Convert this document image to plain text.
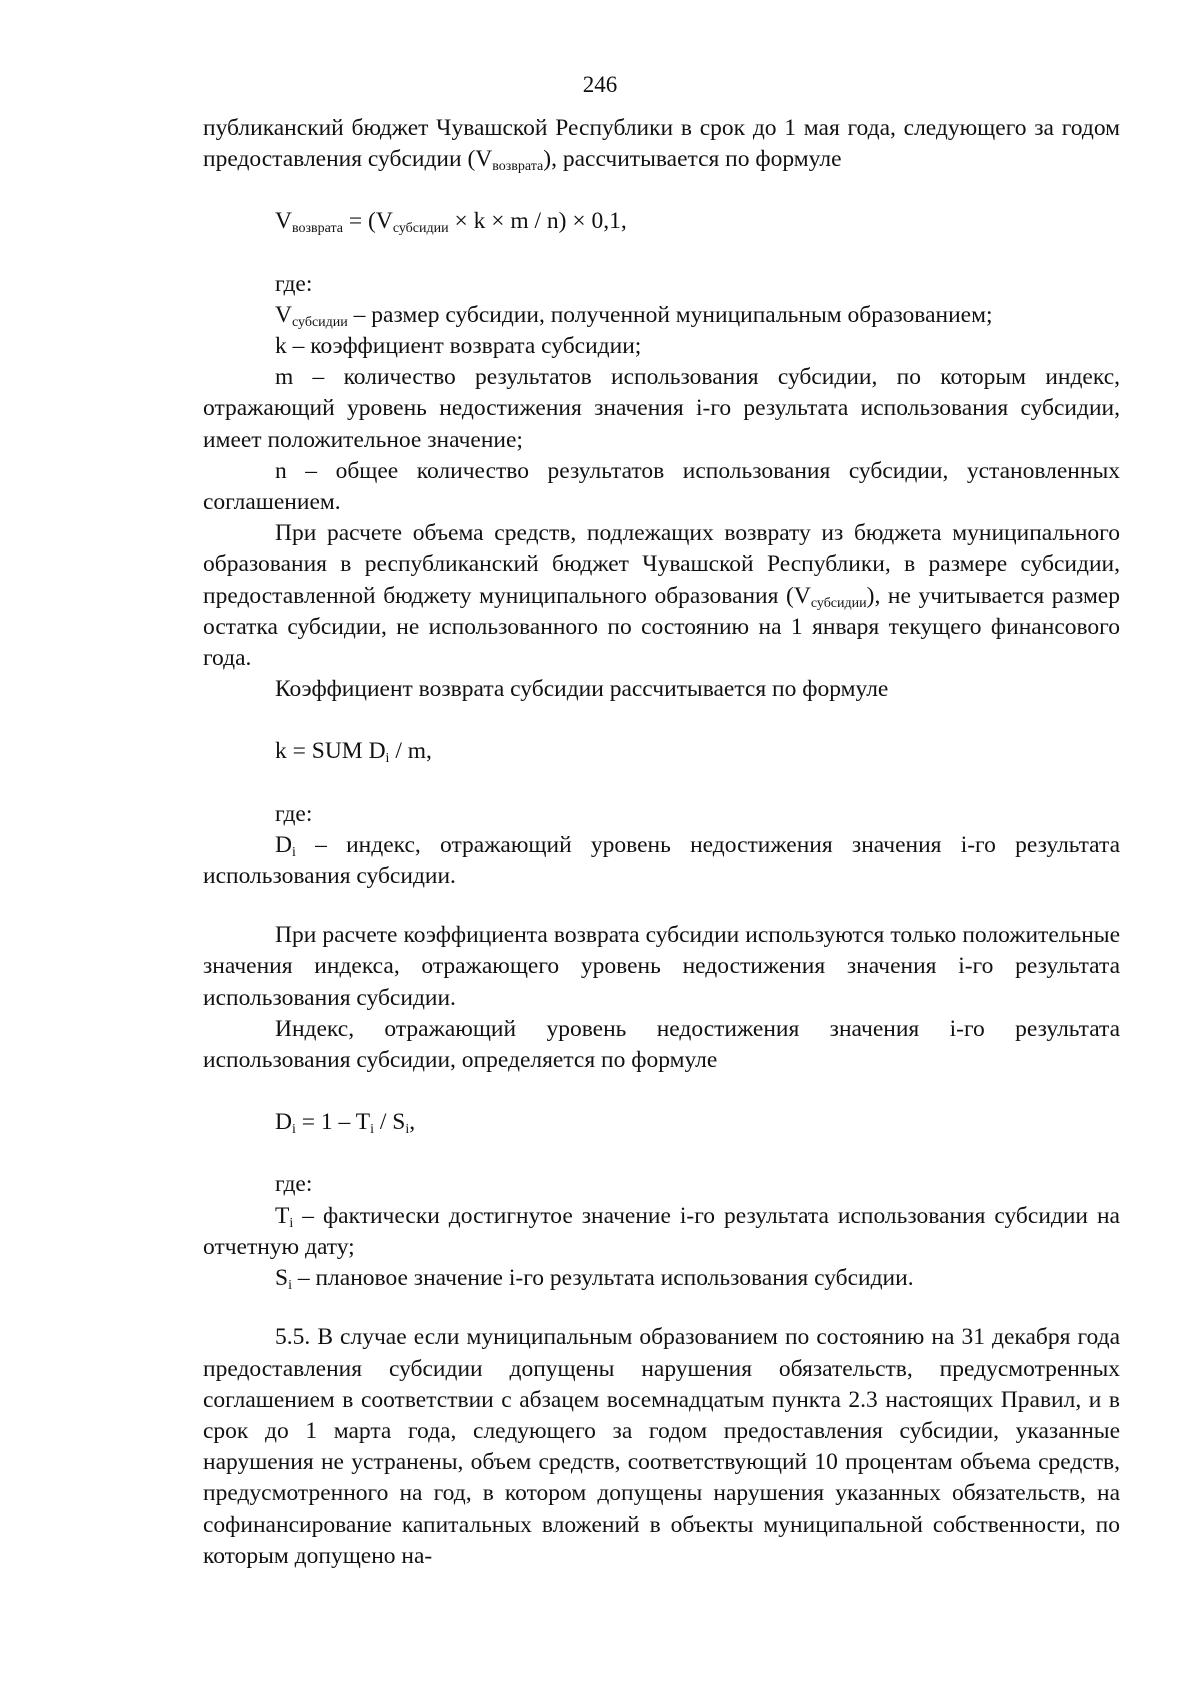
246

публиканский бюджет Чувашской Республики в срок до 1 мая года, следующего за годом предоставления субсидии $(V_{возврата})$, рассчитывается по формуле

$V_{возврата} = (V_{субсидии} \times k \times m / n) \times 0,1$,

где:

$V_{субсидии}$ – размер субсидии, полученной муниципальным образованием;

k – коэффициент возврата субсидии;

m – количество результатов использования субсидии, по которым индекс, отражающий уровень недостижения значения i-го результата использования субсидии, имеет положительное значение;

n – общее количество результатов использования субсидии, установленных соглашением.

При расчете объема средств, подлежащих возврату из бюджета муниципального образования в республиканский бюджет Чувашской Республики, в размере субсидии, предоставленной бюджету муниципального образования $(V_{субсидии})$, не учитывается размер остатка субсидии, не использованного по состоянию на 1 января текущего финансового года.

Коэффициент возврата субсидии рассчитывается по формуле

k = SUM $D_i$ / m,

где:

$D_i$ – индекс, отражающий уровень недостижения значения i-го результата использования субсидии.

При расчете коэффициента возврата субсидии используются только положительные значения индекса, отражающего уровень недостижения значения i-го результата использования субсидии.

Индекс, отражающий уровень недостижения значения i-го результата использования субсидии, определяется по формуле

$D_i = 1 - T_i / S_i$,

где:

$T_i$ – фактически достигнутое значение i-го результата использования субсидии на отчетную дату;

$S_i$ – плановое значение i-го результата использования субсидии.

5.5. В случае если муниципальным образованием по состоянию на 31 декабря года предоставления субсидии допущены нарушения обязательств, предусмотренных соглашением в соответствии с абзацем восемнадцатым пункта 2.3 настоящих Правил, и в срок до 1 марта года, следующего за годом предоставления субсидии, указанные нарушения не устранены, объем средств, соответствующий 10 процентам объема средств, предусмотренного на год, в котором допущены нарушения указанных обязательств, на софинансирование капитальных вложений в объекты муниципальной собственности, по которым допущено на-
